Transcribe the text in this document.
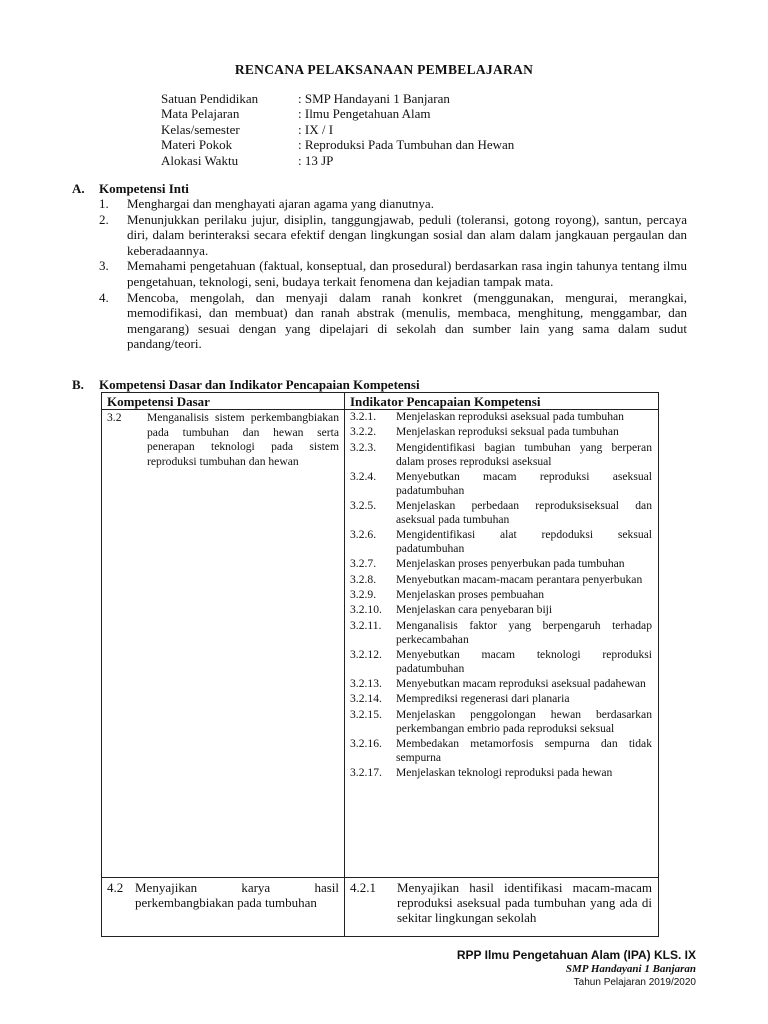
RENCANA PELAKSANAAN PEMBELAJARAN
Satuan Pendidikan	: SMP Handayani 1 Banjaran
Mata Pelajaran	: Ilmu Pengetahuan Alam
Kelas/semester	: IX / I
Materi Pokok	: Reproduksi Pada Tumbuhan dan Hewan
Alokasi Waktu	: 13 JP
A.	Kompetensi Inti
1.	Menghargai dan menghayati ajaran agama yang dianutnya.
2.	Menunjukkan perilaku jujur, disiplin, tanggungjawab, peduli (toleransi, gotong royong), santun, percaya diri, dalam berinteraksi secara efektif dengan lingkungan sosial dan alam dalam jangkauan pergaulan dan keberadaannya.
3.	Memahami pengetahuan (faktual, konseptual, dan prosedural) berdasarkan rasa ingin tahunya tentang ilmu pengetahuan, teknologi, seni, budaya terkait fenomena dan kejadian tampak mata.
4.	Mencoba, mengolah, dan menyaji dalam ranah konkret (menggunakan, mengurai, merangkai, memodifikasi, dan membuat) dan ranah abstrak (menulis, membaca, menghitung, menggambar, dan mengarang) sesuai dengan yang dipelajari di sekolah dan sumber lain yang sama dalam sudut pandang/teori.
B.	Kompetensi Dasar dan Indikator Pencapaian Kompetensi
Kompetensi Dasar	Indikator Pencapaian Kompetensi
3.2 Menganalisis sistem perkembangbiakan pada tumbuhan dan hewan serta penerapan teknologi pada sistem reproduksi tumbuhan dan hewan
3.2.1.	Menjelaskan reproduksi aseksual pada tumbuhan
3.2.2.	Menjelaskan reproduksi seksual pada tumbuhan
3.2.3.	Mengidentifikasi bagian tumbuhan yang berperan dalam proses reproduksi aseksual
3.2.4.	Menyebutkan macam reproduksi aseksual padatumbuhan
3.2.5.	Menjelaskan perbedaan reproduksiseksual dan aseksual pada tumbuhan
3.2.6.	Mengidentifikasi alat repdoduksi seksual padatumbuhan
3.2.7.	Menjelaskan proses penyerbukan pada tumbuhan
3.2.8.	Menyebutkan macam-macam perantara penyerbukan
3.2.9.	Menjelaskan proses pembuahan
3.2.10.	Menjelaskan cara penyebaran biji
3.2.11.	Menganalisis faktor yang berpengaruh terhadap perkecambahan
3.2.12.	Menyebutkan macam teknologi reproduksi padatumbuhan
3.2.13.	Menyebutkan macam reproduksi aseksual padahewan
3.2.14.	Memprediksi regenerasi dari planaria
3.2.15.	Menjelaskan penggolongan hewan berdasarkan perkembangan embrio pada reproduksi seksual
3.2.16.	Membedakan metamorfosis sempurna dan tidak sempurna
3.2.17.	Menjelaskan teknologi reproduksi pada hewan
4.2 Menyajikan karya hasil perkembangbiakan pada tumbuhan
4.2.1	Menyajikan hasil identifikasi macam-macam reproduksi aseksual pada tumbuhan yang ada di sekitar lingkungan sekolah
RPP Ilmu Pengetahuan Alam (IPA) KLS. IX
SMP Handayani 1 Banjaran
Tahun Pelajaran 2019/2020
